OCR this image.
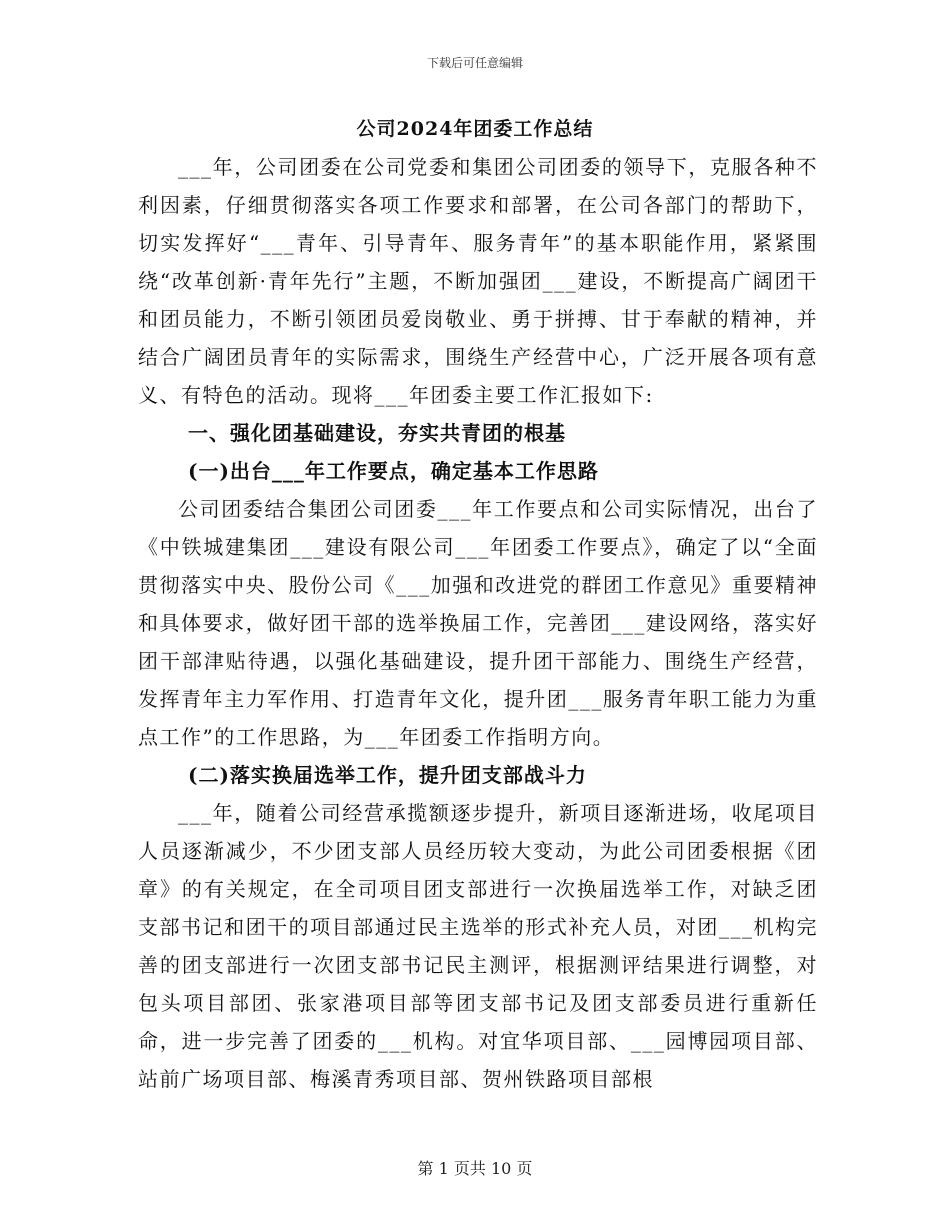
下载后可任意编辑
公司2024年团委工作总结

___年，公司团委在公司党委和集团公司团委的领导下，克服各种不利因素，仔细贯彻落实各项工作要求和部署，在公司各部门的帮助下，切实发挥好“___青年、引导青年、服务青年”的基本职能作用，紧紧围绕“改革创新·青年先行”主题，不断加强团___建设，不断提高广阔团干和团员能力，不断引领团员爱岗敬业、勇于拼搏、甘于奉献的精神，并结合广阔团员青年的实际需求，围绕生产经营中心，广泛开展各项有意义、有特色的活动。现将___年团委主要工作汇报如下:

一、强化团基础建设，夯实共青团的根基

(一)出台___年工作要点，确定基本工作思路

公司团委结合集团公司团委___年工作要点和公司实际情况，出台了《中铁城建集团___建设有限公司___年团委工作要点》，确定了以“全面贯彻落实中央、股份公司《___加强和改进党的群团工作意见》重要精神和具体要求，做好团干部的选举换届工作，完善团___建设网络，落实好团干部津贴待遇，以强化基础建设，提升团干部能力、围绕生产经营，发挥青年主力军作用、打造青年文化，提升团___服务青年职工能力为重点工作”的工作思路，为___年团委工作指明方向。

(二)落实换届选举工作，提升团支部战斗力

___年，随着公司经营承揽额逐步提升，新项目逐渐进场，收尾项目人员逐渐减少，不少团支部人员经历较大变动，为此公司团委根据《团章》的有关规定，在全司项目团支部进行一次换届选举工作，对缺乏团支部书记和团干的项目部通过民主选举的形式补充人员，对团___机构完善的团支部进行一次团支部书记民主测评，根据测评结果进行调整，对包头项目部团、张家港项目部等团支部书记及团支部委员进行重新任命，进一步完善了团委的___机构。对宜华项目部、___园博园项目部、站前广场项目部、梅溪青秀项目部、贺州铁路项目部根

第 1 页共 10 页
